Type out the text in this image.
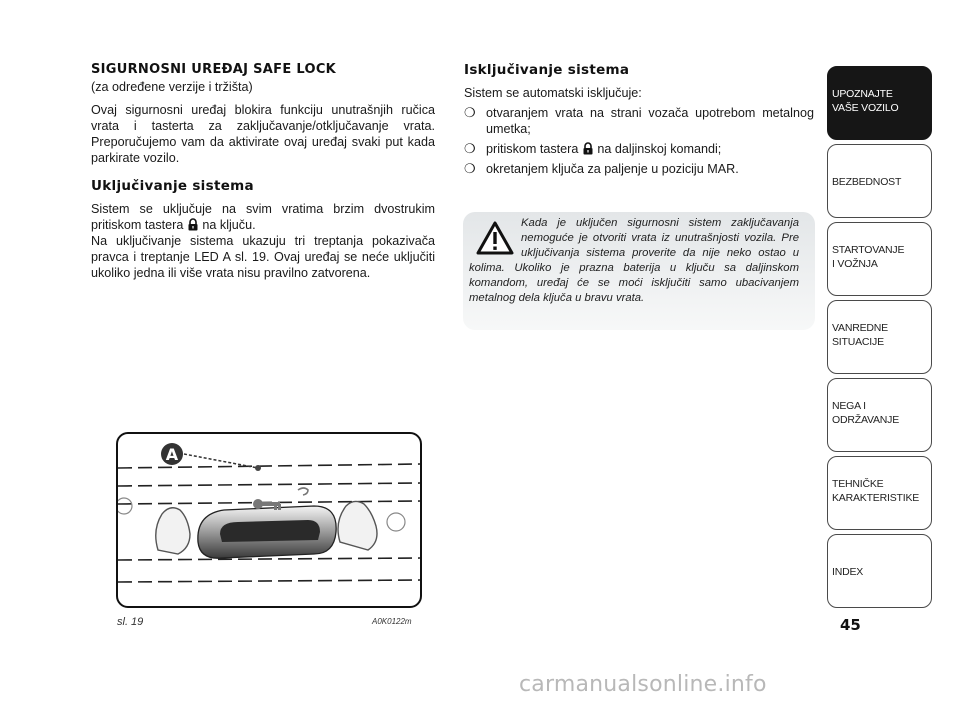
SIGURNOSNI UREĐAJ SAFE LOCK

(za određene verzije i tržišta)

Ovaj sigurnosni uređaj blokira funkciju unutrašnjih ručica vrata i tasterta za zaključavanje/otključavanje vrata. Preporučujemo vam da aktivirate ovaj uređaj svaki put kada parkirate vozilo.

Uključivanje sistema

Sistem se uključuje na svim vratima brzim dvostrukim pritiskom tastera na ključu.

Na uključivanje sistema ukazuju tri treptanja pokazivača pravca i treptanje LED A sl. 19. Ovaj uređaj se neće uključiti ukoliko jedna ili više vrata nisu pravilno zatvorena.

Isključivanje sistema

Sistem se automatski isključuje:

❍ otvaranjem vrata na strani vozača upotrebom metalnog umetka;
❍ pritiskom tastera na daljinskoj komandi;
❍ okretanjem ključa za paljenje u poziciju MAR.

Kada je uključen sigurnosni sistem zaključavanja nemoguće je otvoriti vrata iz unutrašnjosti vozila. Pre uključivanja sistema proverite da nije neko ostao u kolima. Ukoliko je prazna baterija u ključu sa daljinskom komandom, uređaj će se moći isključiti samo ubacivanjem metalnog dela ključa u bravu vrata.

A
sl. 19	A0K0122m
UPOZNAJTE
VAŠE VOZILO
BEZBEDNOST
STARTOVANJE
I VOŽNJA
VANREDNE
SITUACIJE
NEGA I
ODRŽAVANJE
TEHNIČKE
KARAKTERISTIKE
INDEX
45
carmanualsonline.info
